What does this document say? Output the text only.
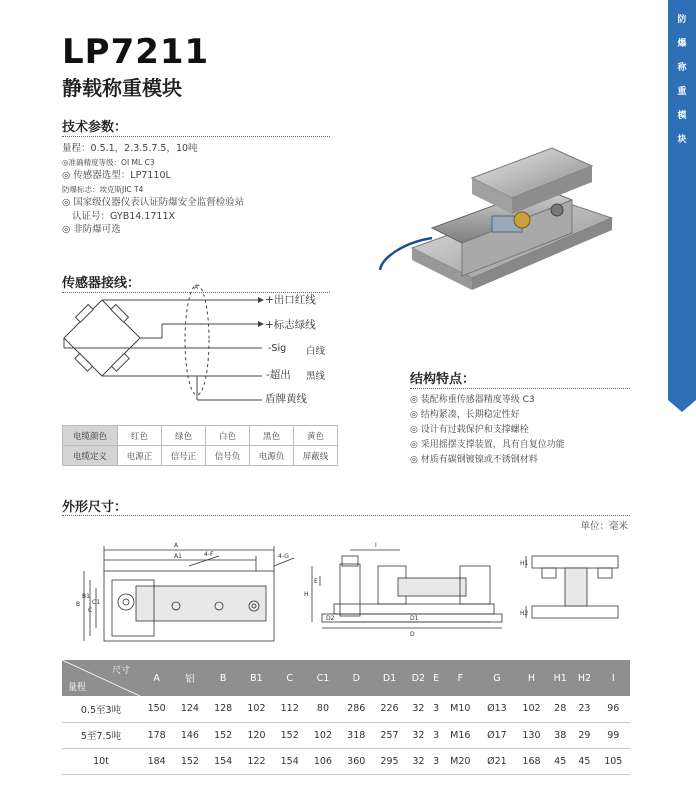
防
爆
称
重
模
块
LP7211
静载称重模块
技术参数：
量程：0.5.1，2.3.5.7.5，10吨
◎准确精度等级：OI ML C3
◎ 传感器选型：LP7110L
防爆标志：埃克斯JIC T4
◎ 国家级仪器仪表认证防爆安全监督检验站
认证号：GYB14.1711X
◎ 非防爆可选
传感器接线：	A
+出口红线
+标志绿线
-Sig 白线
-超出 黑线
盾牌黄线
电缆颜色	红色	绿色	白色	黑色	黄色
电缆定义	电源正	信号正	信号负	电源负	屏蔽线
结构特点：
◎ 装配称重传感器精度等级 C3
◎ 结构紧凑，长期稳定性好
◎ 设计有过载保护和支撑螺栓
◎ 采用摇摆支撑装置，具有自复位功能
◎ 材质有碳钢镀镍或不锈钢材料
外形尺寸：
单位：毫米
A
A1
B
B1
C
C1
4-F	4-G
I
H
E
D2	D1
D
H1
H2
尺寸
量程	A	铝	B	B1	C	C1	D	D1	D2	E	F	G	H	H1	H2	I
0.5至3吨	150	124	128	102	112	80	286	226	32	3	M10	Ø13	102	28	23	96
5至7.5吨	178	146	152	120	152	102	318	257	32	3	M16	Ø17	130	38	29	99
10t	184	152	154	122	154	106	360	295	32	3	M20	Ø21	168	45	45	105
